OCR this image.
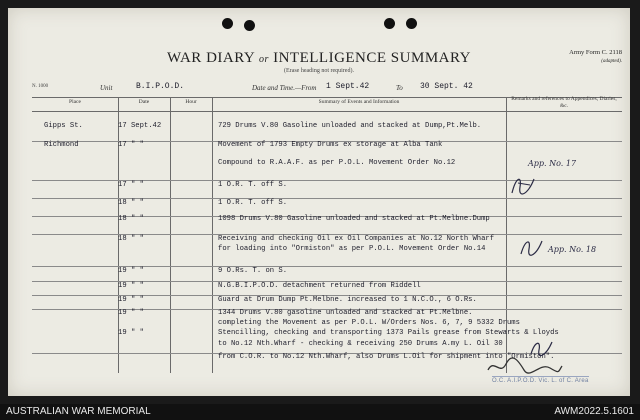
WAR DIARY or INTELLIGENCE SUMMARY
(Erase heading not required).
Army Form C. 2118
(adapted).
N. 1000	Unit	B.I.P.O.D.	Date and Time.—From 1 Sept.42	To 30 Sept. 42
Place	Date	Hour	Summary of Events and Information	Remarks and references to Appendices, Diaries, &c.
Gipps St.	17 Sept.42	729 Drums V.80 Gasoline unloaded and stacked at Dump,Pt.Melb.
Richmond	17 " "	Movement of 1793 Empty Drums ex storage at Alba Tank
Compound to R.A.A.F. as per P.O.L. Movement Order No.12	App. No. 17
17 " "	1 O.R. T. off S.
18 " "	1 O.R. T. off S.
18 " "	1098 Drums V.80 Gasoline unloaded and stacked at Pt.Melbne.Dump
18 " "	Receiving and checking Oil ex Oil Companies at No.12 North Wharf
for loading into "Ormiston" as per P.O.L. Movement Order No.14	App. No. 18
19 " "	9 O.Rs. T. on S.
19 " "	N.G.B.I.P.O.D. detachment returned from Riddell
19 " "	Guard at Drum Dump Pt.Melbne. increased to 1 N.C.O., 6 O.Rs.
19 " "	1344 Drums V.80 gasoline unloaded and stacked at Pt.Melbne.
completing the Movement as per P.O.L. W/Orders Nos. 6, 7, 9 5332 Drums
19 " "	Stencilling, checking and transporting 1373 Pails grease from Stewarts & Lloyds
to No.12 Nth.Wharf - checking & receiving 250 Drums A.my L. Oil 30
from C.O.R. to No.12 Nth.Wharf, also Drums L.Oil for shipment into "Ormiston".
O.C. A.I.P.O.D. Vic. L. of C. Area
AUSTRALIAN WAR MEMORIAL	AWM2022.5.1601
